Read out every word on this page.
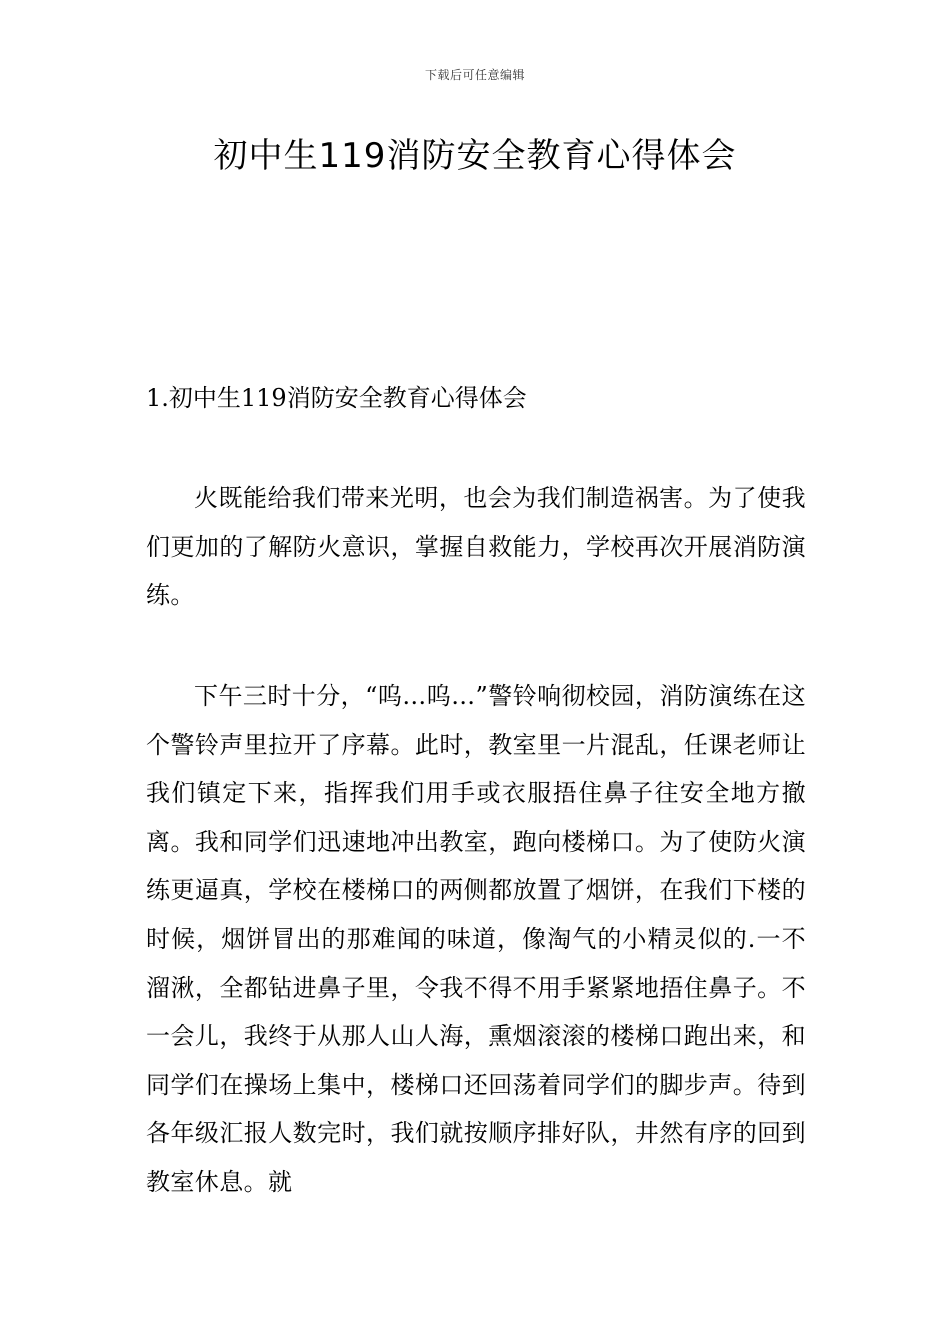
下载后可任意编辑
初中生119消防安全教育心得体会
1.初中生119消防安全教育心得体会

火既能给我们带来光明，也会为我们制造祸害。为了使我们更加的了解防火意识，掌握自救能力，学校再次开展消防演练。

下午三时十分，“呜…呜…”警铃响彻校园，消防演练在这个警铃声里拉开了序幕。此时，教室里一片混乱，任课老师让我们镇定下来，指挥我们用手或衣服捂住鼻子往安全地方撤离。我和同学们迅速地冲出教室，跑向楼梯口。为了使防火演练更逼真，学校在楼梯口的两侧都放置了烟饼，在我们下楼的时候，烟饼冒出的那难闻的味道，像淘气的小精灵似的.一不溜湫，全都钻进鼻子里，令我不得不用手紧紧地捂住鼻子。不一会儿，我终于从那人山人海，熏烟滚滚的楼梯口跑出来，和同学们在操场上集中，楼梯口还回荡着同学们的脚步声。待到各年级汇报人数完时，我们就按顺序排好队，井然有序的回到教室休息。就
